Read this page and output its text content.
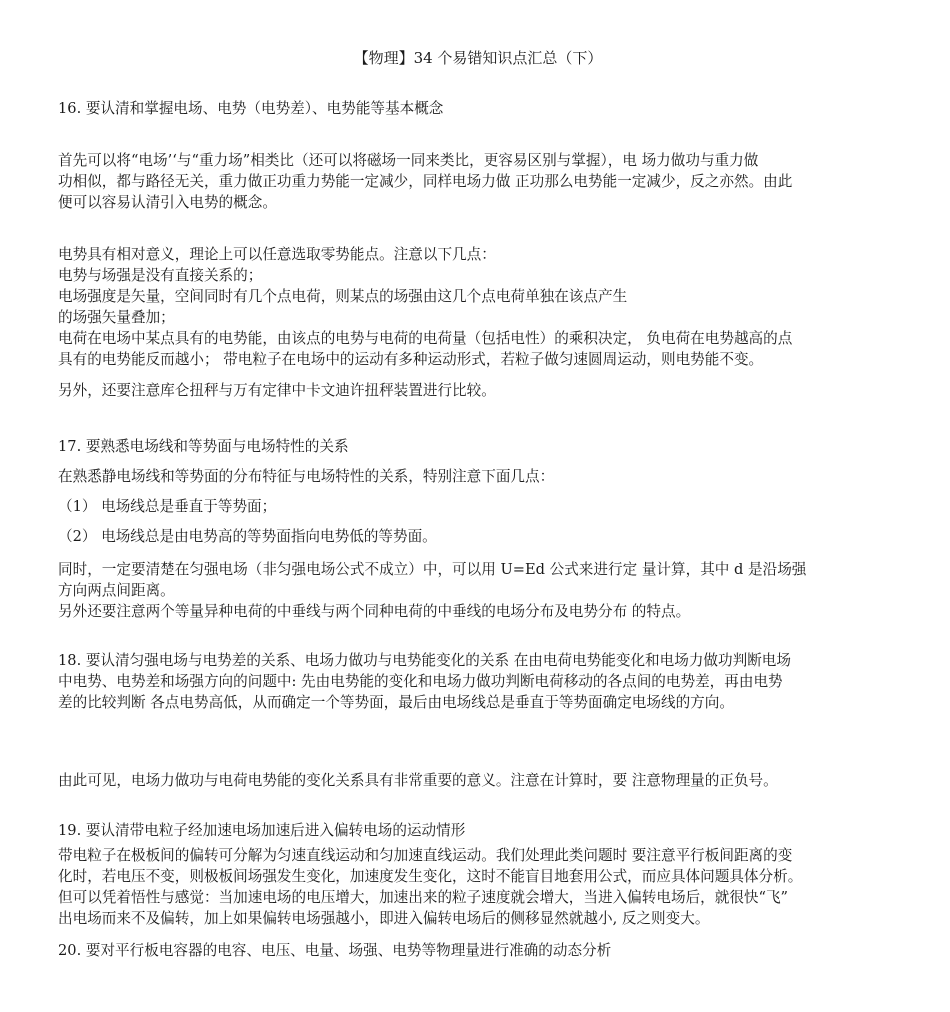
【物理】34 个易错知识点汇总（下）
16. 要认清和掌握电场、电势（电势差）、电势能等基本概念
首先可以将“电场’‘与“重力场”相类比（还可以将磁场一同来类比，更容易区别与掌握），电 场力做功与重力做
功相似，都与路径无关，重力做正功重力势能一定减少，同样电场力做 正功那么电势能一定减少，反之亦然。由此
便可以容易认清引入电势的概念。
电势具有相对意义，理论上可以任意选取零势能点。注意以下几点：
电势与场强是没有直接关系的；
电场强度是矢量，空间同时有几个点电荷，则某点的场强由这几个点电荷单独在该点产生
的场强矢量叠加；
电荷在电场中某点具有的电势能，由该点的电势与电荷的电荷量（包括电性）的乘积决定， 负电荷在电势越高的点
具有的电势能反而越小； 带电粒子在电场中的运动有多种运动形式，若粒子做匀速圆周运动，则电势能不变。
另外，还要注意库仑扭秤与万有定律中卡文迪许扭秤装置进行比较。
17. 要熟悉电场线和等势面与电场特性的关系
在熟悉静电场线和等势面的分布特征与电场特性的关系，特别注意下面几点：
（1） 电场线总是垂直于等势面；
（2） 电场线总是由电势高的等势面指向电势低的等势面。
同时，一定要清楚在匀强电场（非匀强电场公式不成立）中，可以用 U=Ed 公式来进行定 量计算，其中 d 是沿场强
方向两点间距离。
另外还要注意两个等量异种电荷的中垂线与两个同种电荷的中垂线的电场分布及电势分布 的特点。
18. 要认清匀强电场与电势差的关系、电场力做功与电势能变化的关系 在由电荷电势能变化和电场力做功判断电场
中电势、电势差和场强方向的问题中: 先由电势能的变化和电场力做功判断电荷移动的各点间的电势差，再由电势
差的比较判断 各点电势高低，从而确定一个等势面，最后由电场线总是垂直于等势面确定电场线的方向。
由此可见，电场力做功与电荷电势能的变化关系具有非常重要的意义。注意在计算时，要 注意物理量的正负号。
19. 要认清带电粒子经加速电场加速后进入偏转电场的运动情形
带电粒子在极板间的偏转可分解为匀速直线运动和匀加速直线运动。我们处理此类问题时 要注意平行板间距离的变
化时，若电压不变，则极板间场强发生变化，加速度发生变化，这时不能盲目地套用公式，而应具体问题具体分析。
但可以凭着悟性与感觉：当加速电场的电压增大，加速出来的粒子速度就会增大，当进入偏转电场后，就很快“飞”
出电场而来不及偏转，加上如果偏转电场强越小，即进入偏转电场后的侧移显然就越小, 反之则变大。
20. 要对平行板电容器的电容、电压、电量、场强、电势等物理量进行准确的动态分析
